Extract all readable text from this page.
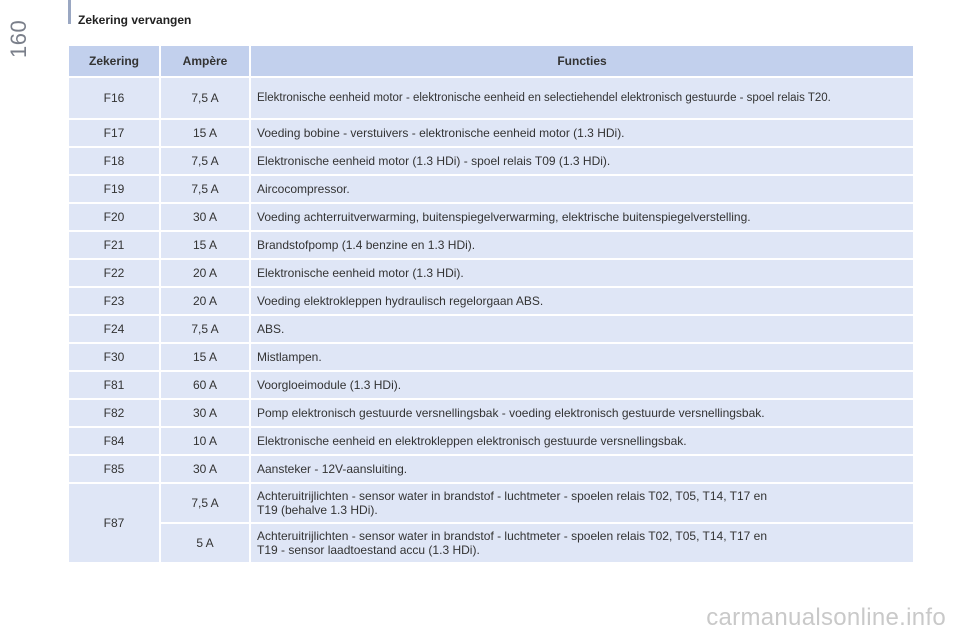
160	Zekering vervangen
Zekering	Ampère	Functies
F16	7,5 A	Elektronische eenheid motor - elektronische eenheid en selectiehendel elektronisch gestuurde - spoel relais T20.
F17	15 A	Voeding bobine - verstuivers - elektronische eenheid motor (1.3 HDi).
F18	7,5 A	Elektronische eenheid motor (1.3 HDi) - spoel relais T09 (1.3 HDi).
F19	7,5 A	Aircocompressor.
F20	30 A	Voeding achterruitverwarming, buitenspiegelverwarming, elektrische buitenspiegelverstelling.
F21	15 A	Brandstofpomp (1.4 benzine en 1.3 HDi).
F22	20 A	Elektronische eenheid motor (1.3 HDi).
F23	20 A	Voeding elektrokleppen hydraulisch regelorgaan ABS.
F24	7,5 A	ABS.
F30	15 A	Mistlampen.
F81	60 A	Voorgloeimodule (1.3 HDi).
F82	30 A	Pomp elektronisch gestuurde versnellingsbak - voeding elektronisch gestuurde versnellingsbak.
F84	10 A	Elektronische eenheid en elektrokleppen elektronisch gestuurde versnellingsbak.
F85	30 A	Aansteker - 12V-aansluiting.
F87	7,5 A	Achteruitrijlichten - sensor water in brandstof - luchtmeter - spoelen relais T02, T05, T14, T17 en
T19 (behalve 1.3 HDi).

	5 A	Achteruitrijlichten - sensor water in brandstof - luchtmeter - spoelen relais T02, T05, T14, T17 en
T19 - sensor laadtoestand accu (1.3 HDi).
carmanualsonline.info
